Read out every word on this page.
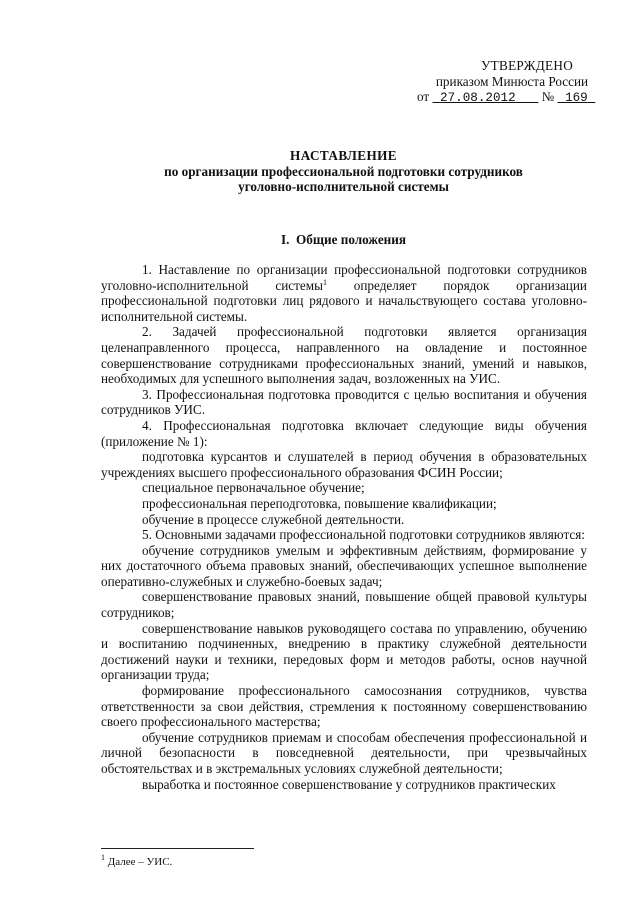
УТВЕРЖДЕНО
приказом Минюста России
от 27.08.2012 № 169
НАСТАВЛЕНИЕ
по организации профессиональной подготовки сотрудников
уголовно-исполнительной системы
I. Общие положения

1. Наставление по организации профессиональной подготовки сотрудников уголовно-исполнительной системы$^1$ определяет порядок организации профессиональной подготовки лиц рядового и начальствующего состава уголовно-исполнительной системы.

2. Задачей профессиональной подготовки является организация целенаправленного процесса, направленного на овладение и постоянное совершенствование сотрудниками профессиональных знаний, умений и навыков, необходимых для успешного выполнения задач, возложенных на УИС.

3. Профессиональная подготовка проводится с целью воспитания и обучения сотрудников УИС.

4. Профессиональная подготовка включает следующие виды обучения (приложение № 1):

подготовка курсантов и слушателей в период обучения в образовательных учреждениях высшего профессионального образования ФСИН России;

специальное первоначальное обучение;

профессиональная переподготовка, повышение квалификации;

обучение в процессе служебной деятельности.

5. Основными задачами профессиональной подготовки сотрудников являются:

обучение сотрудников умелым и эффективным действиям, формирование у них достаточного объема правовых знаний, обеспечивающих успешное выполнение оперативно-служебных и служебно-боевых задач;

совершенствование правовых знаний, повышение общей правовой культуры сотрудников;

совершенствование навыков руководящего состава по управлению, обучению и воспитанию подчиненных, внедрению в практику служебной деятельности достижений науки и техники, передовых форм и методов работы, основ научной организации труда;

формирование профессионального самосознания сотрудников, чувства ответственности за свои действия, стремления к постоянному совершенствованию своего профессионального мастерства;

обучение сотрудников приемам и способам обеспечения профессиональной и личной безопасности в повседневной деятельности, при чрезвычайных обстоятельствах и в экстремальных условиях служебной деятельности;

выработка и постоянное совершенствование у сотрудников практических

$^1$ Далее – УИС.
